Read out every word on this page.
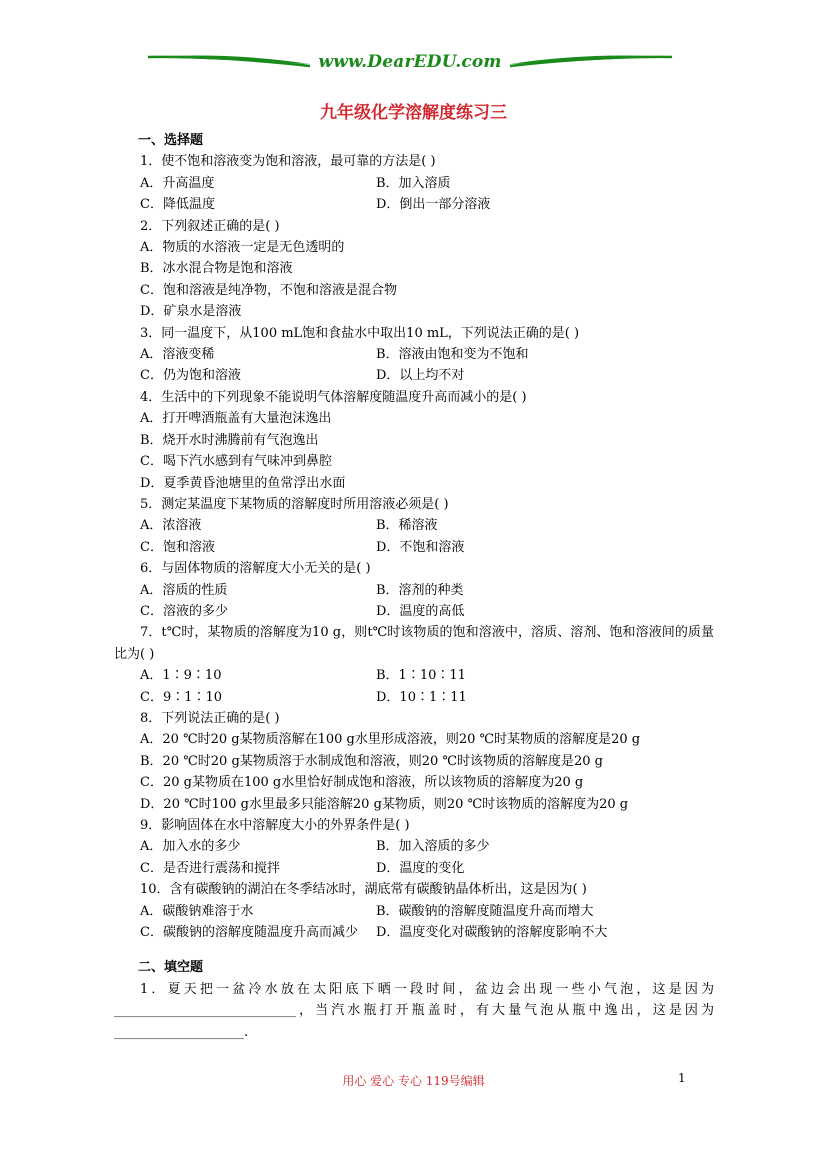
www.DearEDU.com
九年级化学溶解度练习三
一、选择题
1．使不饱和溶液变为饱和溶液，最可靠的方法是( )
A．升高温度	B．加入溶质
C．降低温度	D．倒出一部分溶液
2．下列叙述正确的是( )
A．物质的水溶液一定是无色透明的
B．冰水混合物是饱和溶液
C．饱和溶液是纯净物，不饱和溶液是混合物
D．矿泉水是溶液
3．同一温度下，从100 mL饱和食盐水中取出10 mL，下列说法正确的是( )
A．溶液变稀	B．溶液由饱和变为不饱和
C．仍为饱和溶液	D．以上均不对
4．生活中的下列现象不能说明气体溶解度随温度升高而减小的是( )
A．打开啤酒瓶盖有大量泡沫逸出
B．烧开水时沸腾前有气泡逸出
C．喝下汽水感到有气味冲到鼻腔
D．夏季黄昏池塘里的鱼常浮出水面
5．测定某温度下某物质的溶解度时所用溶液必须是( )
A．浓溶液	B．稀溶液
C．饱和溶液	D．不饱和溶液
6．与固体物质的溶解度大小无关的是( )
A．溶质的性质	B．溶剂的种类
C．溶液的多少	D．温度的高低
7．t℃时，某物质的溶解度为10 g，则t℃时该物质的饱和溶液中，溶质、溶剂、饱和溶液间的质量比为( )
A．1∶9∶10	B．1∶10∶11
C．9∶1∶10	D．10∶1∶11
8．下列说法正确的是( )
A．20 ℃时20 g某物质溶解在100 g水里形成溶液，则20 ℃时某物质的溶解度是20 g
B．20 ℃时20 g某物质溶于水制成饱和溶液，则20 ℃时该物质的溶解度是20 g
C．20 g某物质在100 g水里恰好制成饱和溶液，所以该物质的溶解度为20 g
D．20 ℃时100 g水里最多只能溶解20 g某物质，则20 ℃时该物质的溶解度为20 g
9．影响固体在水中溶解度大小的外界条件是( )
A．加入水的多少	B．加入溶质的多少
C．是否进行震荡和搅拌	D．温度的变化
10．含有碳酸钠的湖泊在冬季结冰时，湖底常有碳酸钠晶体析出，这是因为( )
A．碳酸钠难溶于水	B．碳酸钠的溶解度随温度升高而增大
C．碳酸钠的溶解度随温度升高而减少	D．温度变化对碳酸钠的溶解度影响不大
二、填空题
1．夏天把一盆冷水放在太阳底下晒一段时间，盆边会出现一些小气泡，这是因为____________________________，当汽水瓶打开瓶盖时，有大量气泡从瓶中逸出，这是因为____________________.
用心 爱心 专心 119号编辑	1
